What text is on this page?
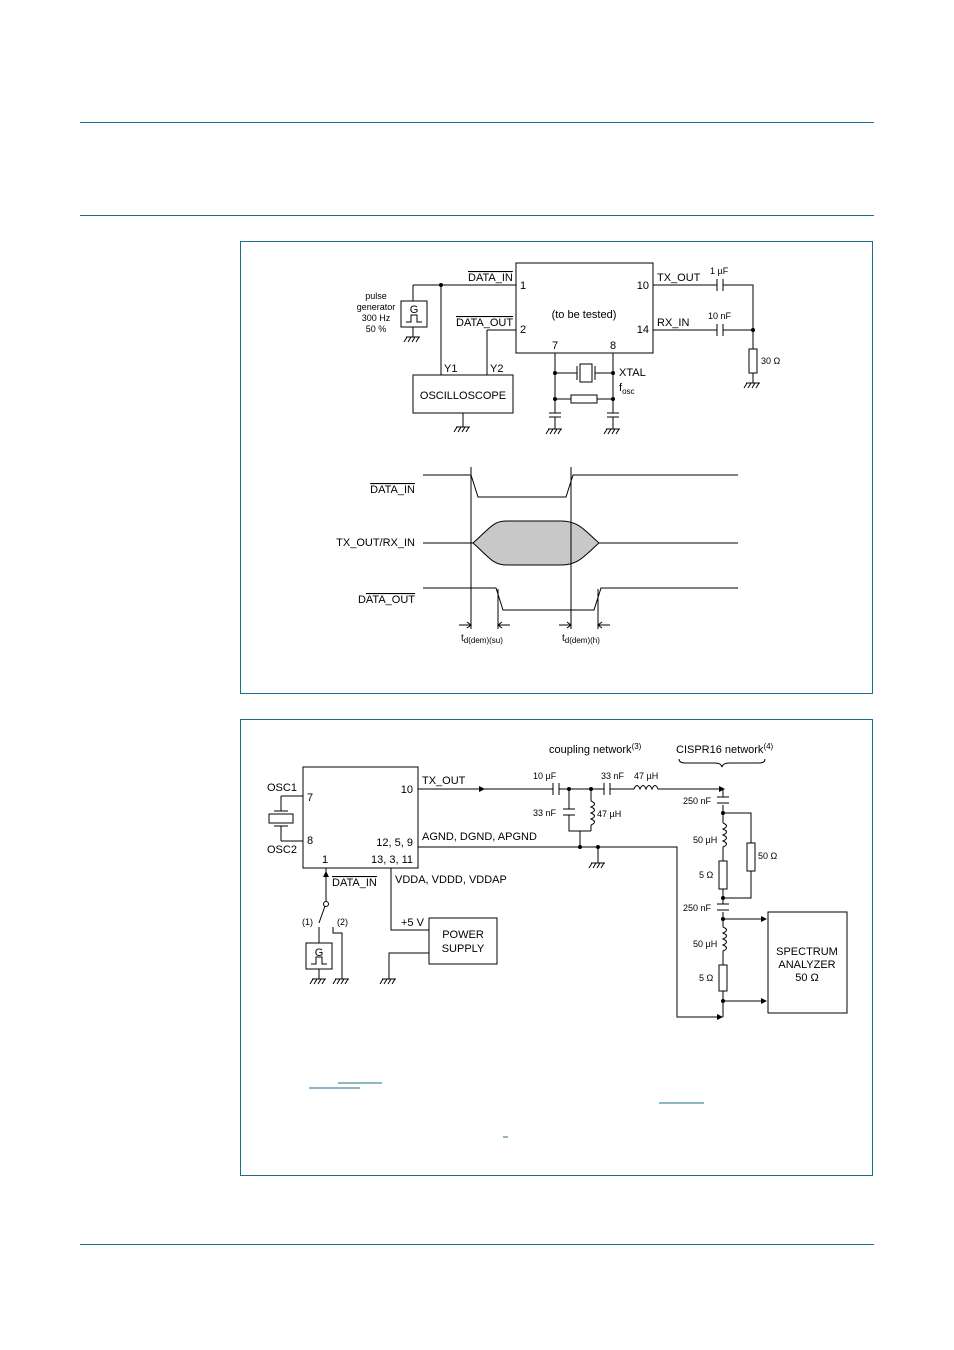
(to be tested)
1
2
10
14
7	8
DATA_IN
DATA_OUT
G
pulse
generator
300 Hz
50 %
OSCILLOSCOPE
Y1	Y2
TX_OUT
RX_IN
1 µF
10 nF
30 Ω
XTAL
$f_{osc}$
DATA_IN
TX_OUT/RX_IN
DATA_OUT
$t_{d(dem)(su)}$	$t_{d(dem)(h)}$
coupling network$^{(3)}$	CISPR16 network$^{(4)}$
7
8
10
12, 5, 9
1	13, 3, 11
OSC1
OSC2
TX_OUT	10 µF	33 nF 47 µH
33 nF	47 µH
AGND, DGND, APGND
250 nF
50 Ω
50 µH
5 Ω
250 nF
50 µH
5 Ω
SPECTRUM
ANALYZER
50 Ω
VDDA, VDDD, VDDAP
+5 V
POWER
SUPPLY
DATA_IN
(1)	(2)
G
